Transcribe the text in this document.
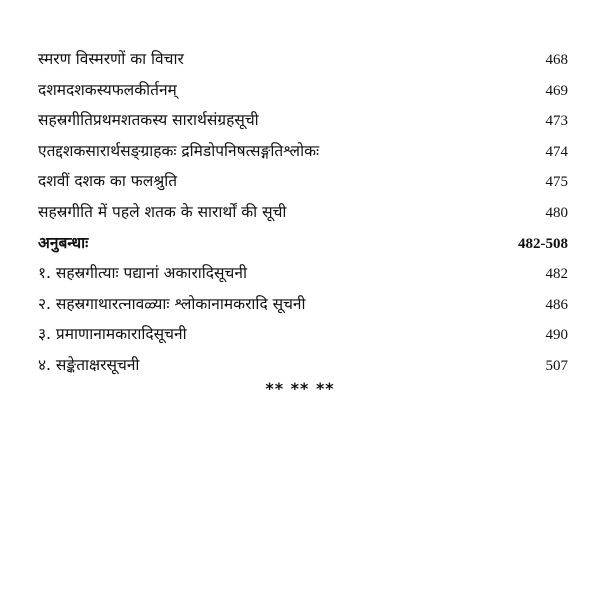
स्मरण विस्मरणों का विचार	468
दशमदशकस्यफलकीर्तनम्	469
सहस्रगीतिप्रथमशतकस्य सारार्थसंग्रहसूची	473
एतद्दशकसारार्थसङ्ग्राहकः द्रमिडोपनिषत्सङ्गतिश्लोकः	474
दशवीं दशक का फलश्रुति	475
सहस्रगीति में पहले शतक के सारार्थों की सूची	480
अनुबन्धाः	482-508
१. सहस्रगीत्याः पद्यानां अकारादिसूचनी	482
२. सहस्रगाथारत्नावळ्याः श्लोकानामकरादि सूचनी	486
३. प्रमाणानामकारादिसूचनी	490
४. सङ्केताक्षरसूचनी	507
** ** **
